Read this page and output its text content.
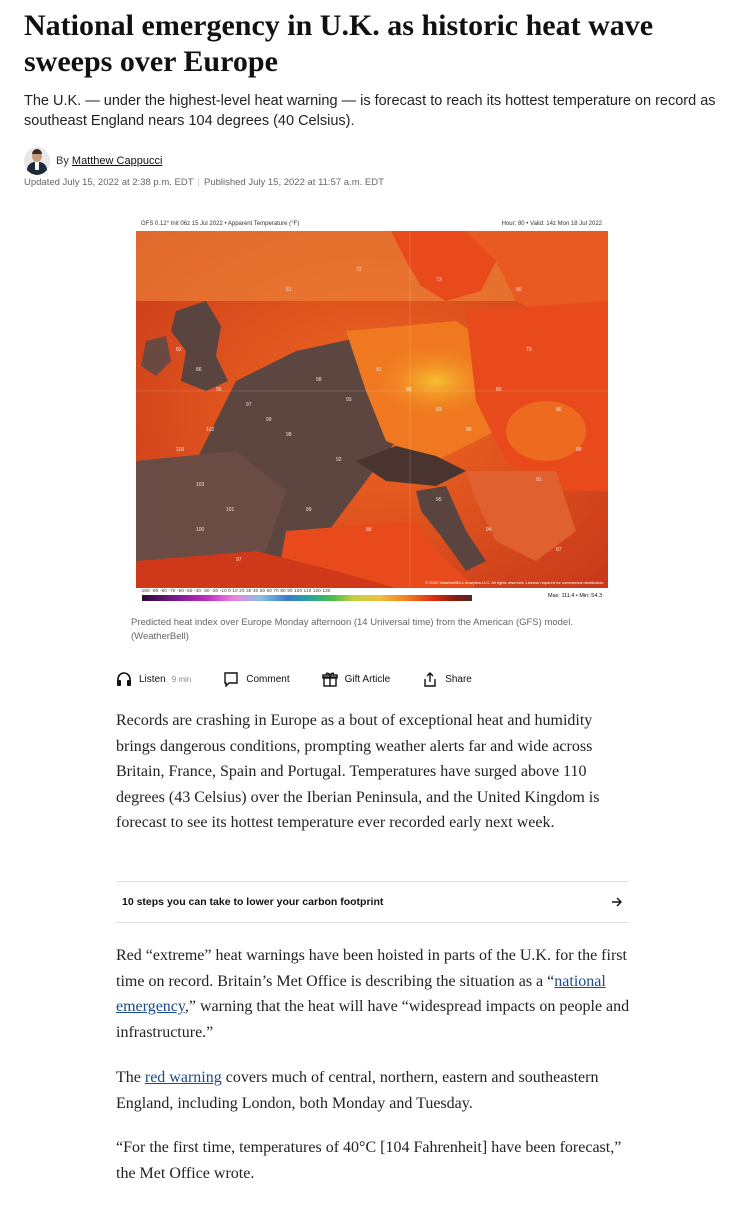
National emergency in U.K. as historic heat wave sweeps over Europe

The U.K. — under the highest-level heat warning — is forecast to reach its hottest temperature on record as southeast England nears 104 degrees (40 Celsius).

By Matthew Cappucci
Updated July 15, 2022 at 2:38 p.m. EDT | Published July 15, 2022 at 11:57 a.m. EDT
GFS 0.12° Init 06z 15 Jul 2022 • Apparent Temperature (°F)	Hour: 80 • Valid: 14z Mon 18 Jul 2022
82
86
96
97
99
98
102
100
103
101
100
97
98
93
91
88
83
86
80
79
86
88
91
95
92
89
88	94
87
61
72
73
80
© 2022 WeatherBELL Analytics LLC. All rights reserved. License required for commercial distribution.
-100 -90 -80 -70 -60 -50 -40 -30 -20 -10 0 10 20 30 40 50 60 70 80 90 100 110 120 130
Max: 111.4 • Min: 54.3

Predicted heat index over Europe Monday afternoon (14 Universal time) from the American (GFS) model. (WeatherBell)

Listen 9 min	Comment	Gift Article	Share

Records are crashing in Europe as a bout of exceptional heat and humidity brings dangerous conditions, prompting weather alerts far and wide across Britain, France, Spain and Portugal. Temperatures have surged above 110 degrees (43 Celsius) over the Iberian Peninsula, and the United Kingdom is forecast to see its hottest temperature ever recorded early next week.

10 steps you can take to lower your carbon footprint

Red “extreme” heat warnings have been hoisted in parts of the U.K. for the first time on record. Britain’s Met Office is describing the situation as a “national emergency,” warning that the heat will have “widespread impacts on people and infrastructure.”

The red warning covers much of central, northern, eastern and southeastern England, including London, both Monday and Tuesday.

“For the first time, temperatures of 40°C [104 Fahrenheit] have been forecast,” the Met Office wrote.
